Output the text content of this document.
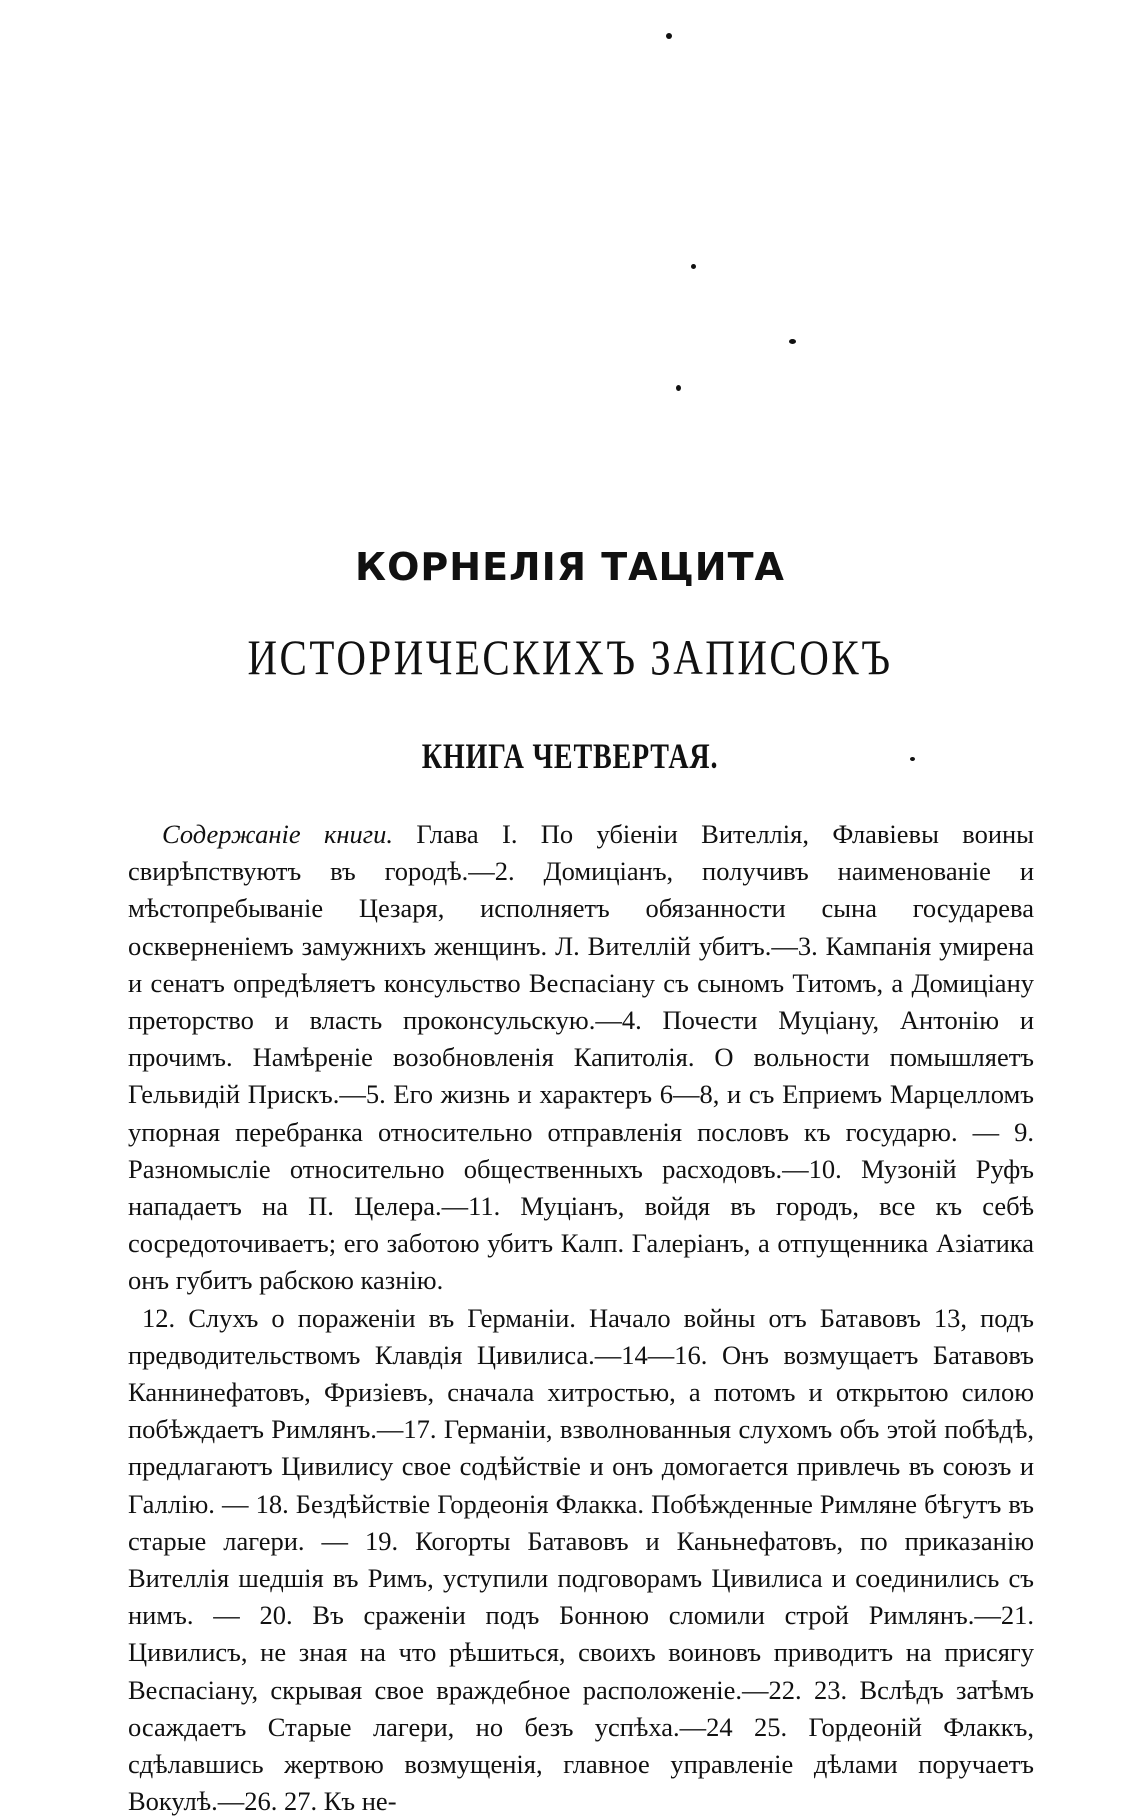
КОРНЕЛІЯ ТАЦИТА
ИСТОРИЧЕСКИХЪ ЗАПИСОКЪ
КНИГА ЧЕТВЕРТАЯ.

Содержаніе книги. Глава I. По убіеніи Вителлія, Флавіевы воины свирѣпствуютъ въ городѣ.—2. Домиціанъ, получивъ наименованіе и мѣстопребываніе Цезаря, исполняетъ обязанности сына государева оскверненіемъ замужнихъ женщинъ. Л. Вителлій убитъ.—3. Кампанія умирена и сенатъ опредѣляетъ консульство Веспасіану съ сыномъ Титомъ, а Домиціану преторство и власть проконсульскую.—4. Почести Муціану, Антонію и прочимъ. Намѣреніе возобновленія Капитолія. О вольности помышляетъ Гельвидій Прискъ.—5. Его жизнь и характеръ 6—8, и съ Еприемъ Марцелломъ упорная перебранка относительно отправленія пословъ къ государю. — 9. Разномысліе относительно общественныхъ расходовъ.—10. Музоній Руфъ нападаетъ на П. Целера.—11. Муціанъ, войдя въ городъ, все къ себѣ сосредоточиваетъ; его заботою убитъ Калп. Галеріанъ, а отпущенника Азіатика онъ губитъ рабскою казнію.

12. Слухъ о пораженіи въ Германіи. Начало войны отъ Батавовъ 13, подъ предводительствомъ Клавдія Цивилиса.—14—16. Онъ возмущаетъ Батавовъ Каннинефатовъ, Фризіевъ, сначала хитростью, а потомъ и открытою силою побѣждаетъ Римлянъ.—17. Германіи, взволнованныя слухомъ объ этой побѣдѣ, предлагаютъ Цивилису свое содѣйствіе и онъ домогается привлечь въ союзъ и Галлію. — 18. Бездѣйствіе Гордеонія Флакка. Побѣжденные Римляне бѣгутъ въ старые лагери. — 19. Когорты Батавовъ и Каньнефатовъ, по приказанію Вителлія шедшія въ Римъ, уступили подговорамъ Цивилиса и соединились съ нимъ. — 20. Въ сраженіи подъ Бонною сломили строй Римлянъ.—21. Цивилисъ, не зная на что рѣшиться, своихъ воиновъ приводитъ на присягу Веспасіану, скрывая свое враждебное расположеніе.—22. 23. Вслѣдъ затѣмъ осаждаетъ Старые лагери, но безъ успѣха.—24 25. Гордеоній Флаккъ, сдѣлавшись жертвою возмущенія, главное управленіе дѣлами поручаетъ Вокулѣ.—26. 27. Къ не-
